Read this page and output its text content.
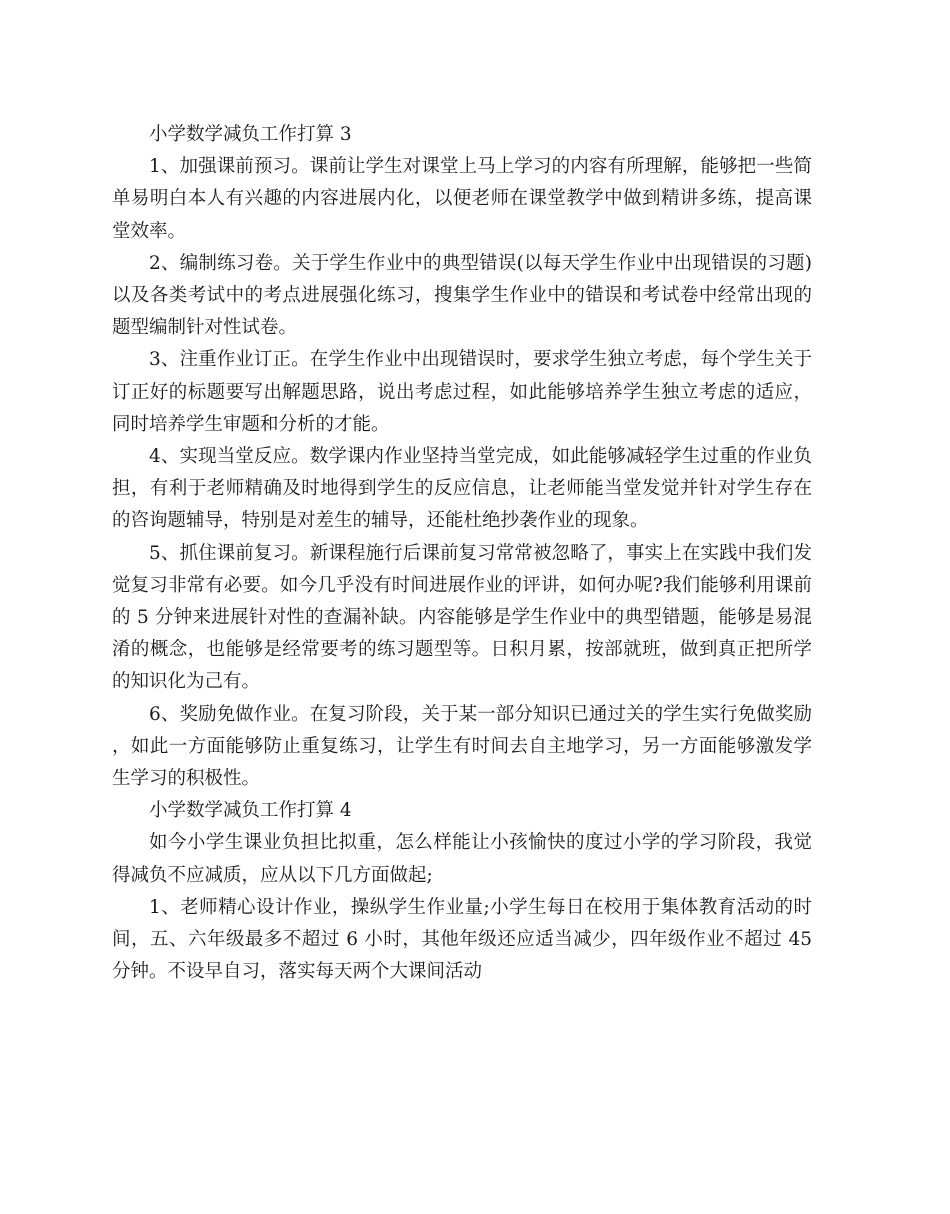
小学数学减负工作打算 3

1、加强课前预习。课前让学生对课堂上马上学习的内容有所理解，能够把一些简单易明白本人有兴趣的内容进展内化，以便老师在课堂教学中做到精讲多练，提高课堂效率。

2、编制练习卷。关于学生作业中的典型错误(以每天学生作业中出现错误的习题)以及各类考试中的考点进展强化练习，搜集学生作业中的错误和考试卷中经常出现的题型编制针对性试卷。

3、注重作业订正。在学生作业中出现错误时，要求学生独立考虑，每个学生关于订正好的标题要写出解题思路，说出考虑过程，如此能够培养学生独立考虑的适应，同时培养学生审题和分析的才能。

4、实现当堂反应。数学课内作业坚持当堂完成，如此能够减轻学生过重的作业负担，有利于老师精确及时地得到学生的反应信息，让老师能当堂发觉并针对学生存在的咨询题辅导，特别是对差生的辅导，还能杜绝抄袭作业的现象。

5、抓住课前复习。新课程施行后课前复习常常被忽略了，事实上在实践中我们发觉复习非常有必要。如今几乎没有时间进展作业的评讲，如何办呢?我们能够利用课前的 5 分钟来进展针对性的查漏补缺。内容能够是学生作业中的典型错题，能够是易混淆的概念，也能够是经常要考的练习题型等。日积月累，按部就班，做到真正把所学的知识化为己有。

6、奖励免做作业。在复习阶段，关于某一部分知识已通过关的学生实行免做奖励，如此一方面能够防止重复练习，让学生有时间去自主地学习，另一方面能够激发学生学习的积极性。

小学数学减负工作打算 4

如今小学生课业负担比拟重，怎么样能让小孩愉快的度过小学的学习阶段，我觉得减负不应减质，应从以下几方面做起;

1、老师精心设计作业，操纵学生作业量;小学生每日在校用于集体教育活动的时间，五、六年级最多不超过 6 小时，其他年级还应适当减少，四年级作业不超过 45 分钟。不设早自习，落实每天两个大课间活动
